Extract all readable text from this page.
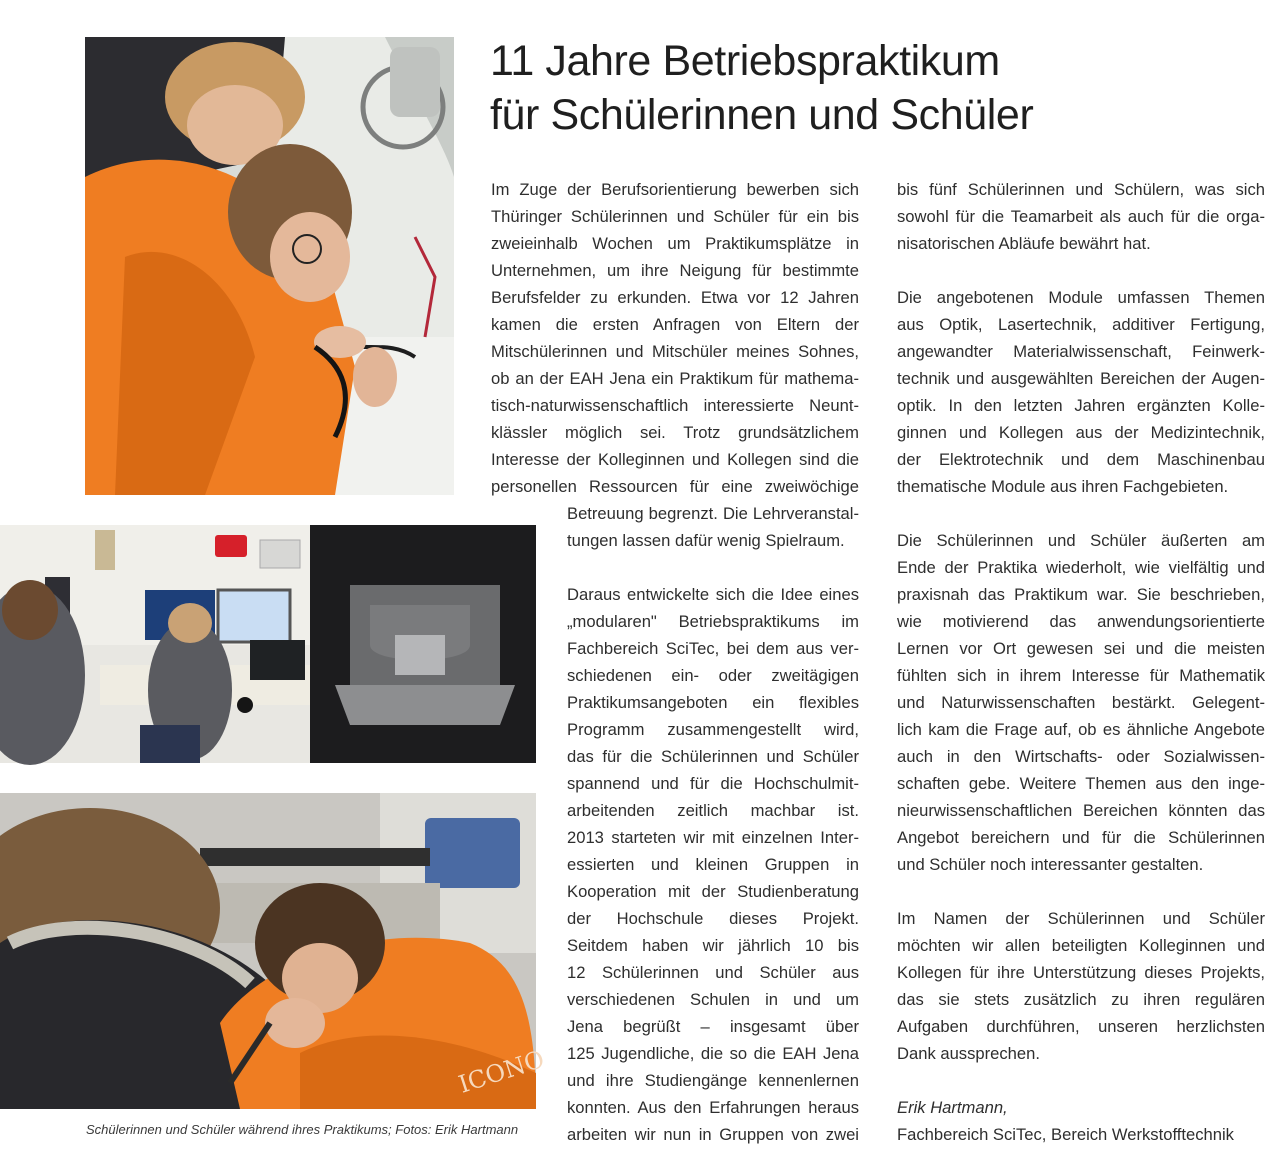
ICONO
11 Jahre Betriebspraktikum
für Schülerinnen und Schüler

Im Zuge der Berufsorientierung bewerben sich
Thüringer Schülerinnen und Schüler für ein bis
zweieinhalb Wochen um Praktikumsplätze in
Unternehmen, um ihre Neigung für bestimmte
Berufsfelder zu erkunden. Etwa vor 12 Jahren
kamen die ersten Anfragen von Eltern der
Mitschülerinnen und Mitschüler meines Sohnes,
ob an der EAH Jena ein Praktikum für mathema-
tisch-naturwissenschaftlich interessierte Neunt-
klässler möglich sei. Trotz grundsätzlichem
Interesse der Kolleginnen und Kollegen sind die
personellen Ressourcen für eine zweiwöchige

Betreuung begrenzt. Die Lehrveranstal-
tungen lassen dafür wenig Spielraum.

Daraus entwickelte sich die Idee eines
„modularen" Betriebspraktikums im
Fachbereich SciTec, bei dem aus ver-
schiedenen ein- oder zweitägigen
Praktikumsangeboten ein flexibles
Programm zusammengestellt wird,
das für die Schülerinnen und Schüler
spannend und für die Hochschulmit-
arbeitenden zeitlich machbar ist.
2013 starteten wir mit einzelnen Inter-
essierten und kleinen Gruppen in
Kooperation mit der Studienberatung
der Hochschule dieses Projekt.
Seitdem haben wir jährlich 10 bis
12 Schülerinnen und Schüler aus
verschiedenen Schulen in und um
Jena begrüßt – insgesamt über
125 Jugendliche, die so die EAH Jena
und ihre Studiengänge kennenlernen
konnten. Aus den Erfahrungen heraus
arbeiten wir nun in Gruppen von zwei

bis fünf Schülerinnen und Schülern, was sich
sowohl für die Teamarbeit als auch für die orga-
nisatorischen Abläufe bewährt hat.

Die angebotenen Module umfassen Themen
aus Optik, Lasertechnik, additiver Fertigung,
angewandter Materialwissenschaft, Feinwerk-
technik und ausgewählten Bereichen der Augen-
optik. In den letzten Jahren ergänzten Kolle-
ginnen und Kollegen aus der Medizintechnik,
der Elektrotechnik und dem Maschinenbau
thematische Module aus ihren Fachgebieten.

Die Schülerinnen und Schüler äußerten am
Ende der Praktika wiederholt, wie vielfältig und
praxisnah das Praktikum war. Sie beschrieben,
wie motivierend das anwendungsorientierte
Lernen vor Ort gewesen sei und die meisten
fühlten sich in ihrem Interesse für Mathematik
und Naturwissenschaften bestärkt. Gelegent-
lich kam die Frage auf, ob es ähnliche Angebote
auch in den Wirtschafts- oder Sozialwissen-
schaften gebe. Weitere Themen aus den inge-
nieurwissenschaftlichen Bereichen könnten das
Angebot bereichern und für die Schülerinnen
und Schüler noch interessanter gestalten.

Im Namen der Schülerinnen und Schüler
möchten wir allen beteiligten Kolleginnen und
Kollegen für ihre Unterstützung dieses Projekts,
das sie stets zusätzlich zu ihren regulären
Aufgaben durchführen, unseren herzlichsten
Dank aussprechen.

Erik Hartmann,
Fachbereich SciTec, Bereich Werkstofftechnik

Schülerinnen und Schüler während ihres Praktikums; Fotos: Erik Hartmann
